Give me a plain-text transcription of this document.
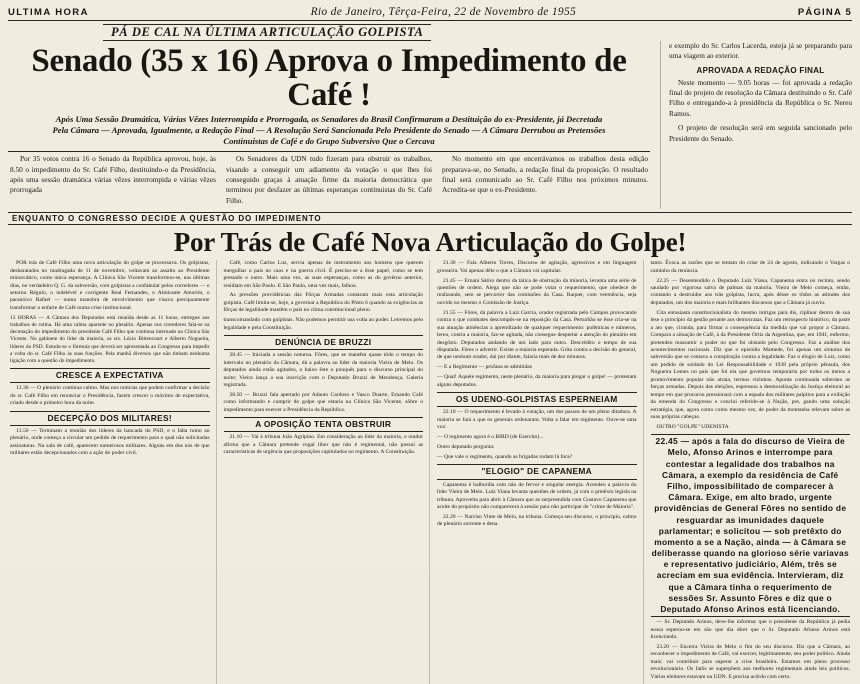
ULTIMA HORA	Rio de Janeiro, Têrça-Feira, 22 de Novembro de 1955	PÁGINA 5
PÁ DE CAL NA ÚLTIMA ARTICULAÇÃO GOLPISTA
Senado (35 x 16) Aprova o Impedimento de Café !
Após Uma Sessão Dramática, Várias Vêzes Interrompida e Prorrogada, os Senadores do Brasil Confirmaram a Destituição do ex-Presidente, já Decretada Pela Câmara — Aprovada, Igualmente, a Redação Final — A Resolução Será Sancionada Pelo Presidente do Senado — A Câmara Derrubou as Pretensões Continuistas de Café e do Grupo Subversivo Que o Cercava

Por 35 votos contra 16 o Senado da República aprovou, hoje, às 8.50 o impedimento do Sr. Café Filho, destituindo-o da Presidência, após uma sessão dramática várias vêzes interrompida e várias vêzes prorrogada

Os Senadores da UDN tudo fizeram para obstruir os trabalhos, visando a conseguir um adiamento da votação o que lhes foi conseguido graças à atuação firme da maioria democrática que terminou por desfazer as últimas esperanças continuistas do Sr. Café Filho.

No momento em que encerrávamos os trabalhos desta edição preparava-se, no Senado, a redação final da proposição. O resultado final será comunicado ao Sr. Café Filho nos próximos minutos. Acredita-se que o ex-Presidente.

e exemplo do Sr. Carlos Lacerda, esteja já se preparando para uma viagem ao exterior.

APROVADA A REDAÇÃO FINAL

Neste momento — 9.05 horas — foi aprovada a redação final do projeto de resolução da Câmara destituindo o Sr. Café Filho e entregando-a à presidência da República o Sr. Nereu Ramos.

O projeto de resolução será em seguida sancionado pelo Presidente do Senado.

ENQUANTO O CONGRESSO DECIDE A QUESTÃO DO IMPEDIMENTO
Por Trás de Café Nova Articulação do Golpe!

POR trás de Café Filho uma nova articulação do golpe se processava. Os golpistas, desbaratados no madrugada de 11 de novembro, voltavam ao assalto ao Presidente minorcático, como única esperança. A Clínica São Vicente transformou-se, nas últimas dias, no verdadeiro Q. G. da subversão, com golpistas a confabular pelos corredores — o setorno Régulo, o indelével e corrigente Real Fernandes, o Almirante Amorim, o paranóico Rafael — numa manobra de envolvimento que visava precipuamente transformar o enfarte de Café numa crise institucional.

13 HORAS — A Câmara dos Deputados está reunida desde as 11 horas, entregue aos trabalhos de rotina. Há uma calma aparente no plenário. Apenas nos corredores fala-se na decretação do impedimento do presidente Café Filho que continua internado na Clínica São Vicente. No gabinete do líder da maioria, os srs. Lúcio Bittencourt e Alberto Nogueira, líderes do PSD. Estudo-se o fórmula que deverá ser apresentada ao Congresso para impedir a volta do sr. Café Filho às suas funções. Pela manhã diversos que não tinham nenhuma ligação com a questão do impedimento.

CRESCE A EXPECTATIVA

13.30 — O plenário continua calmo. Mas nos noticias que podem confirmar a decisão do sr. Café Filho em renunciar o Presidência, fazem crescer o máximo de expectativa, criado desde o primeiro hora da noite.

DECEPÇÃO DOS MILITARES!

13.50 — Terminam a reunião dos líderes da bancada do PSD, e o falta rumo ao plenário, onde começa a circular um pedido de requerimento para o qual não solicitadas assinaturas. Na sala de café, aparecem numerosos militares. Alguns em dos nós de que militares estão decepcionados com a ação do poder civil.

Café, como Carlos Luz, servia apenas de instrumento aos homens que querem mergulhar o país no caos e na guerra civil. É preciso-se a êsse papel, como se tem prestado o outro. Mais uma vez, as suas esperanças, como as do govêrno anterior, residiam em São Paulo. E São Paulo, uma vez mais, falhou.

As pressões providências das Fôrças Armadas contaram mais esta articulação golpista. Café limita-se, hoje, a governar a República do Pôsto 6 quando as exigências as fôrças de legalidade mantêm o país no clima constitucional pleno.

transcomandado com golpistas. Não podemos permitir usa volta ao poder. Leiremos pelo legalidade e pela Constituição.

DENÚNCIA DE BRUZZI

28.45 — Iniciada a sessão noturna. Fôres, que se mantêm quase tôdo o tempo do intervalo no plenário da Câmara, dá a palavra ao líder da maioria Vieira de Melo. Os deputados ainda estão agitados, o baixo êste o pouquês para o discurso principal do noite; Vieira lança a sua inscrição com o Deputado Bruzzi de Mendonça, Galeria registrada.

28.50 — Bruzzi fala apertado por Adauto Cardoso e Vasco Duarte, Ernando Café como informando e cumprir do golpe que estaria na Clínica São Vicente, sôbre o impedimento para exercer a Presidência da República.

A OPOSIÇÃO TENTA OBSTRUIR

21.10 — Vai à tribuna João Agripino. Em consideração ao líder da maioria, o orador afirma que a Câmara pretende vogal liber que não é regimental, não possui as características de urgência que proposições capitulados no regimento. A Constituição.

21.30 — Fala Alberto Torres, Discurso de agitação, agressivos e em linguagem grosseira. Vai apenas dêle o que a Câmara vai capitular.

21.45 — Ernani Sátiro dentro da tática de obstrução da minoria, levanta uma série de questões de ordem. Alega que não se pode votar o requerimento, que obedece de realizando, sem se percorrer das comissões da Casa. Raquer, com veemência, seja ouvido no mesmo o Comissão de Justiça.

21.55 — Fôres, dá palavra a Luiz Garcia, orador registrada pelo Campos provocando contra o que combates descompôs-se na reposição da Casa. Perturbão se êsse cria-se na sua atuação atinências a aprendizado de qualquer requerimento: polêmicas e números, lereu, contra a maioria, faz-se agitada, não consegue despertar a atenção do plenário em desgôsto. Deputados andando de um lado para outro. Descrédito o tempo de sua disputada. Fôres o advertir. Existe a maioria esperada. Grita contra a decisão do general, de que nenhum orador, dai por diante, falaria mais de dez minutos.

— E a Regimento — profana se admitidas

— Qual! Aquele regimento, neste plenário, da maioria para pregar o golpe! — protestam alguns deputados.

OS UDENO-GOLPISTAS ESPERNEIAM

22.10 — O requerimento é levado à votação, um dos passos de um pleno ditadura. A maioria se fará a que os generais ordenaram. Volta a falar em regimento. Ouve-se uma voz:

— O regimento agora é o BIRD (de Ezercito)...

Outro deputado pergunta:

— Que vale o regimento, quando as brigadas rodam lá fora?

"ELOGIO" DE CAPANEMA

Capanema é balbordia com não de fervor e singular energia. Acendeu a palavra do líder Vieira de Melo. Luiz Viana levanta questões de ordem, já com o pretêxto legisla na tribuna. Aproveita para abrir à Câmara que as surpreendida com Gustavo Capanema que aceite do propósito não comparecera à sessão para não participar de "crime de Maioria".

22.20 — Narciso Vinte de Melo, na tribuna. Começa seu discurso, o princípio, calmo de plenário sorrente e dena.

tanto. Êvoca as razões que se tentam do crise de 24 de agosto, indicando o Vargas o caminho da renúncia.

22.25 — Desentendido o Deputado Luiz Viana, Capanema entra no recinto, sendo saudado por vigorosa salva de palmas da maioria. Vieira de Melo começa, então, contando a destruidor aos trás golpista, lucra, após dêsse os tôdos as atitudes dos deputados, um dos maioria e mais brilhantes discursos que a Câmara já ouviu.

Cita entusiasta constitucionalista do mesmo intrigas para dis, ciplinar dentro de sua lese o princípio da gestão perante aos democratas. Faz um retrospecto histórico, da paste a ato que, ciranda, para firmar a consequência da medida que vai propor a Câmara. Compara a situação de Café, à da Presidente Ortiz da Argentina, que, em 1941, enfermo, pretendeu reassumir o poder no que foi obstado pelo Congresso. Faz a análise dos acontecimentos nacionais. Diz que o episódio Mamede, foi apenas um sintoma da subversão que se contava a conspiração contra a legalidade. Faz o elogio de Luiz, como um pedido de soldado do Lei Responsabilidade e 1938 pela próprio pênsula, dos Nogueira Lemes no país que foi ela que governou temporária por todos os meios a promovimento popular não atraia, termos vizinhos. Aponta continuada soberano as forças armadas. Depois das eleições, espressou a desmoralização da Justiça eleitoral ao tempo em que procurou pressionará com a espada dos militares palpitos para a exibição da emenda do Congresso e conclui referido-se à Nação, pre, gando uma solução estratégia, que, agora como como mesmo vez, de poder da montanha relevam sobre as suas próprias cabeças.

OUTRO "GOLPE" UDENISTA

22.45 — após a fala do discurso de Vieira de Melo, Afonso Arinos e interrompe para contestar a legalidade dos trabalhos na Câmara, a exemplo da residência de Café Filho, impossibilitado de comparecer à Câmara. Exige, em alto brado, urgente providências de General Fôres no sentido de resguardar as imunidades daquele parlamentar; e solicitou — sob pretêxto do momento a se a Nação, ainda — à Câmara se deliberasse quando na glorioso série variavas e representativo judiciário, Além, três se acreciam em sua evidência. Intervieram, diz que a Câmara tinha o requerimento de sessões Sr. Assunto Fôres e diz que o Deputado Afonso Arinos está licenciando.

— Sr. Deputado Arinos, deve-lhe informar que o presidente da República já pedia nossa esperou-se em são que dia diret que o Sr. Deputado Afonso Arinos está licenciando.

23.20 — Encerra Vieira de Melo o fim do seu discurso. Diz que a Câmara, ao reconhecer o impedimento de Café, vai exercer, legitimamente, seu poder político. Ainda mais: vai contribuir para superar a crise brasileira. Estamos em pleno processo revolucionário. Os fatôs se superpõem aos melhores regimentais ainda leis políticos. Vários eleitores estavam na UDN. E precisa acôrdo com certo.
